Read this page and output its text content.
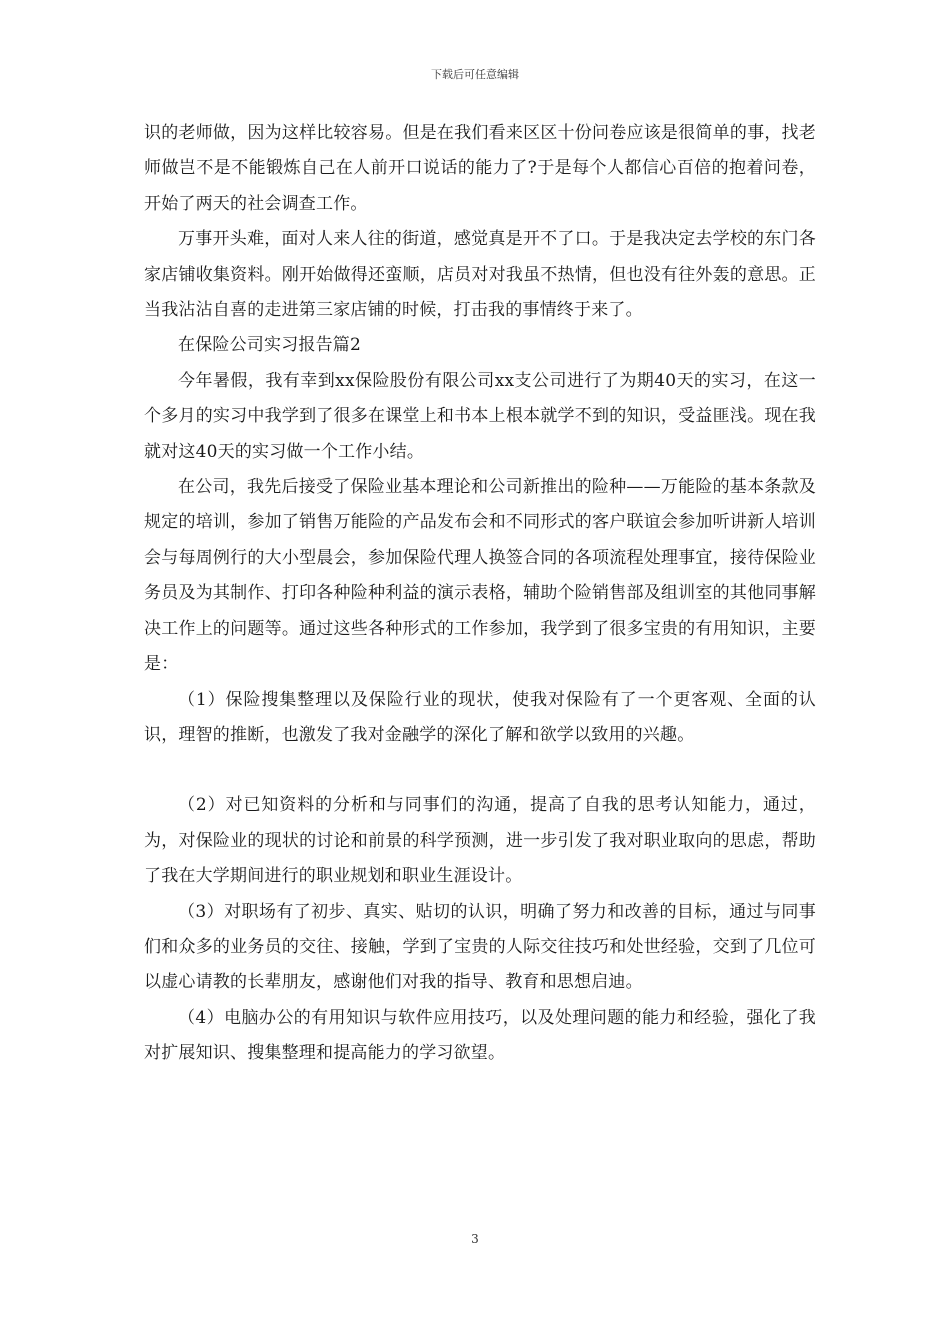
下载后可任意编辑

识的老师做，因为这样比较容易。但是在我们看来区区十份问卷应该是很简单的事，找老师做岂不是不能锻炼自己在人前开口说话的能力了?于是每个人都信心百倍的抱着问卷，开始了两天的社会调查工作。

万事开头难，面对人来人往的街道，感觉真是开不了口。于是我决定去学校的东门各家店铺收集资料。刚开始做得还蛮顺，店员对对我虽不热情，但也没有往外轰的意思。正当我沾沾自喜的走进第三家店铺的时候，打击我的事情终于来了。

在保险公司实习报告篇2

今年暑假，我有幸到xx保险股份有限公司xx支公司进行了为期40天的实习，在这一个多月的实习中我学到了很多在课堂上和书本上根本就学不到的知识，受益匪浅。现在我就对这40天的实习做一个工作小结。

在公司，我先后接受了保险业基本理论和公司新推出的险种——万能险的基本条款及规定的培训，参加了销售万能险的产品发布会和不同形式的客户联谊会参加听讲新人培训会与每周例行的大小型晨会，参加保险代理人换签合同的各项流程处理事宜，接待保险业务员及为其制作、打印各种险种利益的演示表格，辅助个险销售部及组训室的其他同事解决工作上的问题等。通过这些各种形式的工作参加，我学到了很多宝贵的有用知识，主要是：

（1）保险搜集整理以及保险行业的现状，使我对保险有了一个更客观、全面的认识，理智的推断，也激发了我对金融学的深化了解和欲学以致用的兴趣。

（2）对已知资料的分析和与同事们的沟通，提高了自我的思考认知能力，通过，为，对保险业的现状的讨论和前景的科学预测，进一步引发了我对职业取向的思虑，帮助了我在大学期间进行的职业规划和职业生涯设计。

（3）对职场有了初步、真实、贴切的认识，明确了努力和改善的目标，通过与同事们和众多的业务员的交往、接触，学到了宝贵的人际交往技巧和处世经验，交到了几位可以虚心请教的长辈朋友，感谢他们对我的指导、教育和思想启迪。

（4）电脑办公的有用知识与软件应用技巧，以及处理问题的能力和经验，强化了我对扩展知识、搜集整理和提高能力的学习欲望。

3
